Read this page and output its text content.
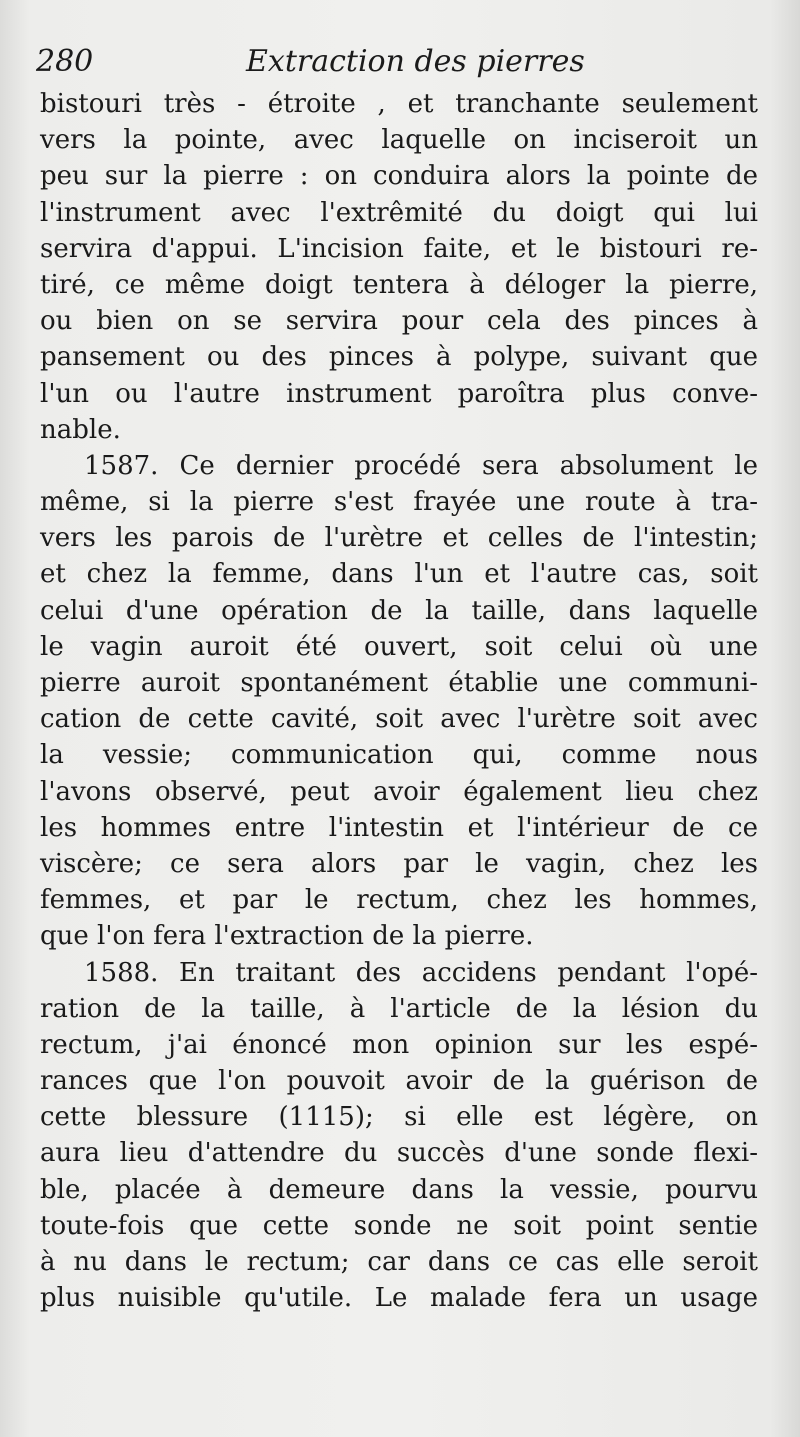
280	Extraction des pierres
bistouri très - étroite , et tranchante seulement
vers la pointe, avec laquelle on inciseroit un
peu sur la pierre : on conduira alors la pointe de
l'instrument avec l'extrêmité du doigt qui lui
servira d'appui. L'incision faite, et le bistouri re-
tiré, ce même doigt tentera à déloger la pierre,
ou bien on se servira pour cela des pinces à
pansement ou des pinces à polype, suivant que
l'un ou l'autre instrument paroîtra plus conve-
nable.
1587. Ce dernier procédé sera absolument le
même, si la pierre s'est frayée une route à tra-
vers les parois de l'urètre et celles de l'intestin;
et chez la femme, dans l'un et l'autre cas, soit
celui d'une opération de la taille, dans laquelle
le vagin auroit été ouvert, soit celui où une
pierre auroit spontanément établie une communi-
cation de cette cavité, soit avec l'urètre soit avec
la vessie; communication qui, comme nous
l'avons observé, peut avoir également lieu chez
les hommes entre l'intestin et l'intérieur de ce
viscère; ce sera alors par le vagin, chez les
femmes, et par le rectum, chez les hommes,
que l'on fera l'extraction de la pierre.
1588. En traitant des accidens pendant l'opé-
ration de la taille, à l'article de la lésion du
rectum, j'ai énoncé mon opinion sur les espé-
rances que l'on pouvoit avoir de la guérison de
cette blessure (1115); si elle est légère, on
aura lieu d'attendre du succès d'une sonde flexi-
ble, placée à demeure dans la vessie, pourvu
toute-fois que cette sonde ne soit point sentie
à nu dans le rectum; car dans ce cas elle seroit
plus nuisible qu'utile. Le malade fera un usage
